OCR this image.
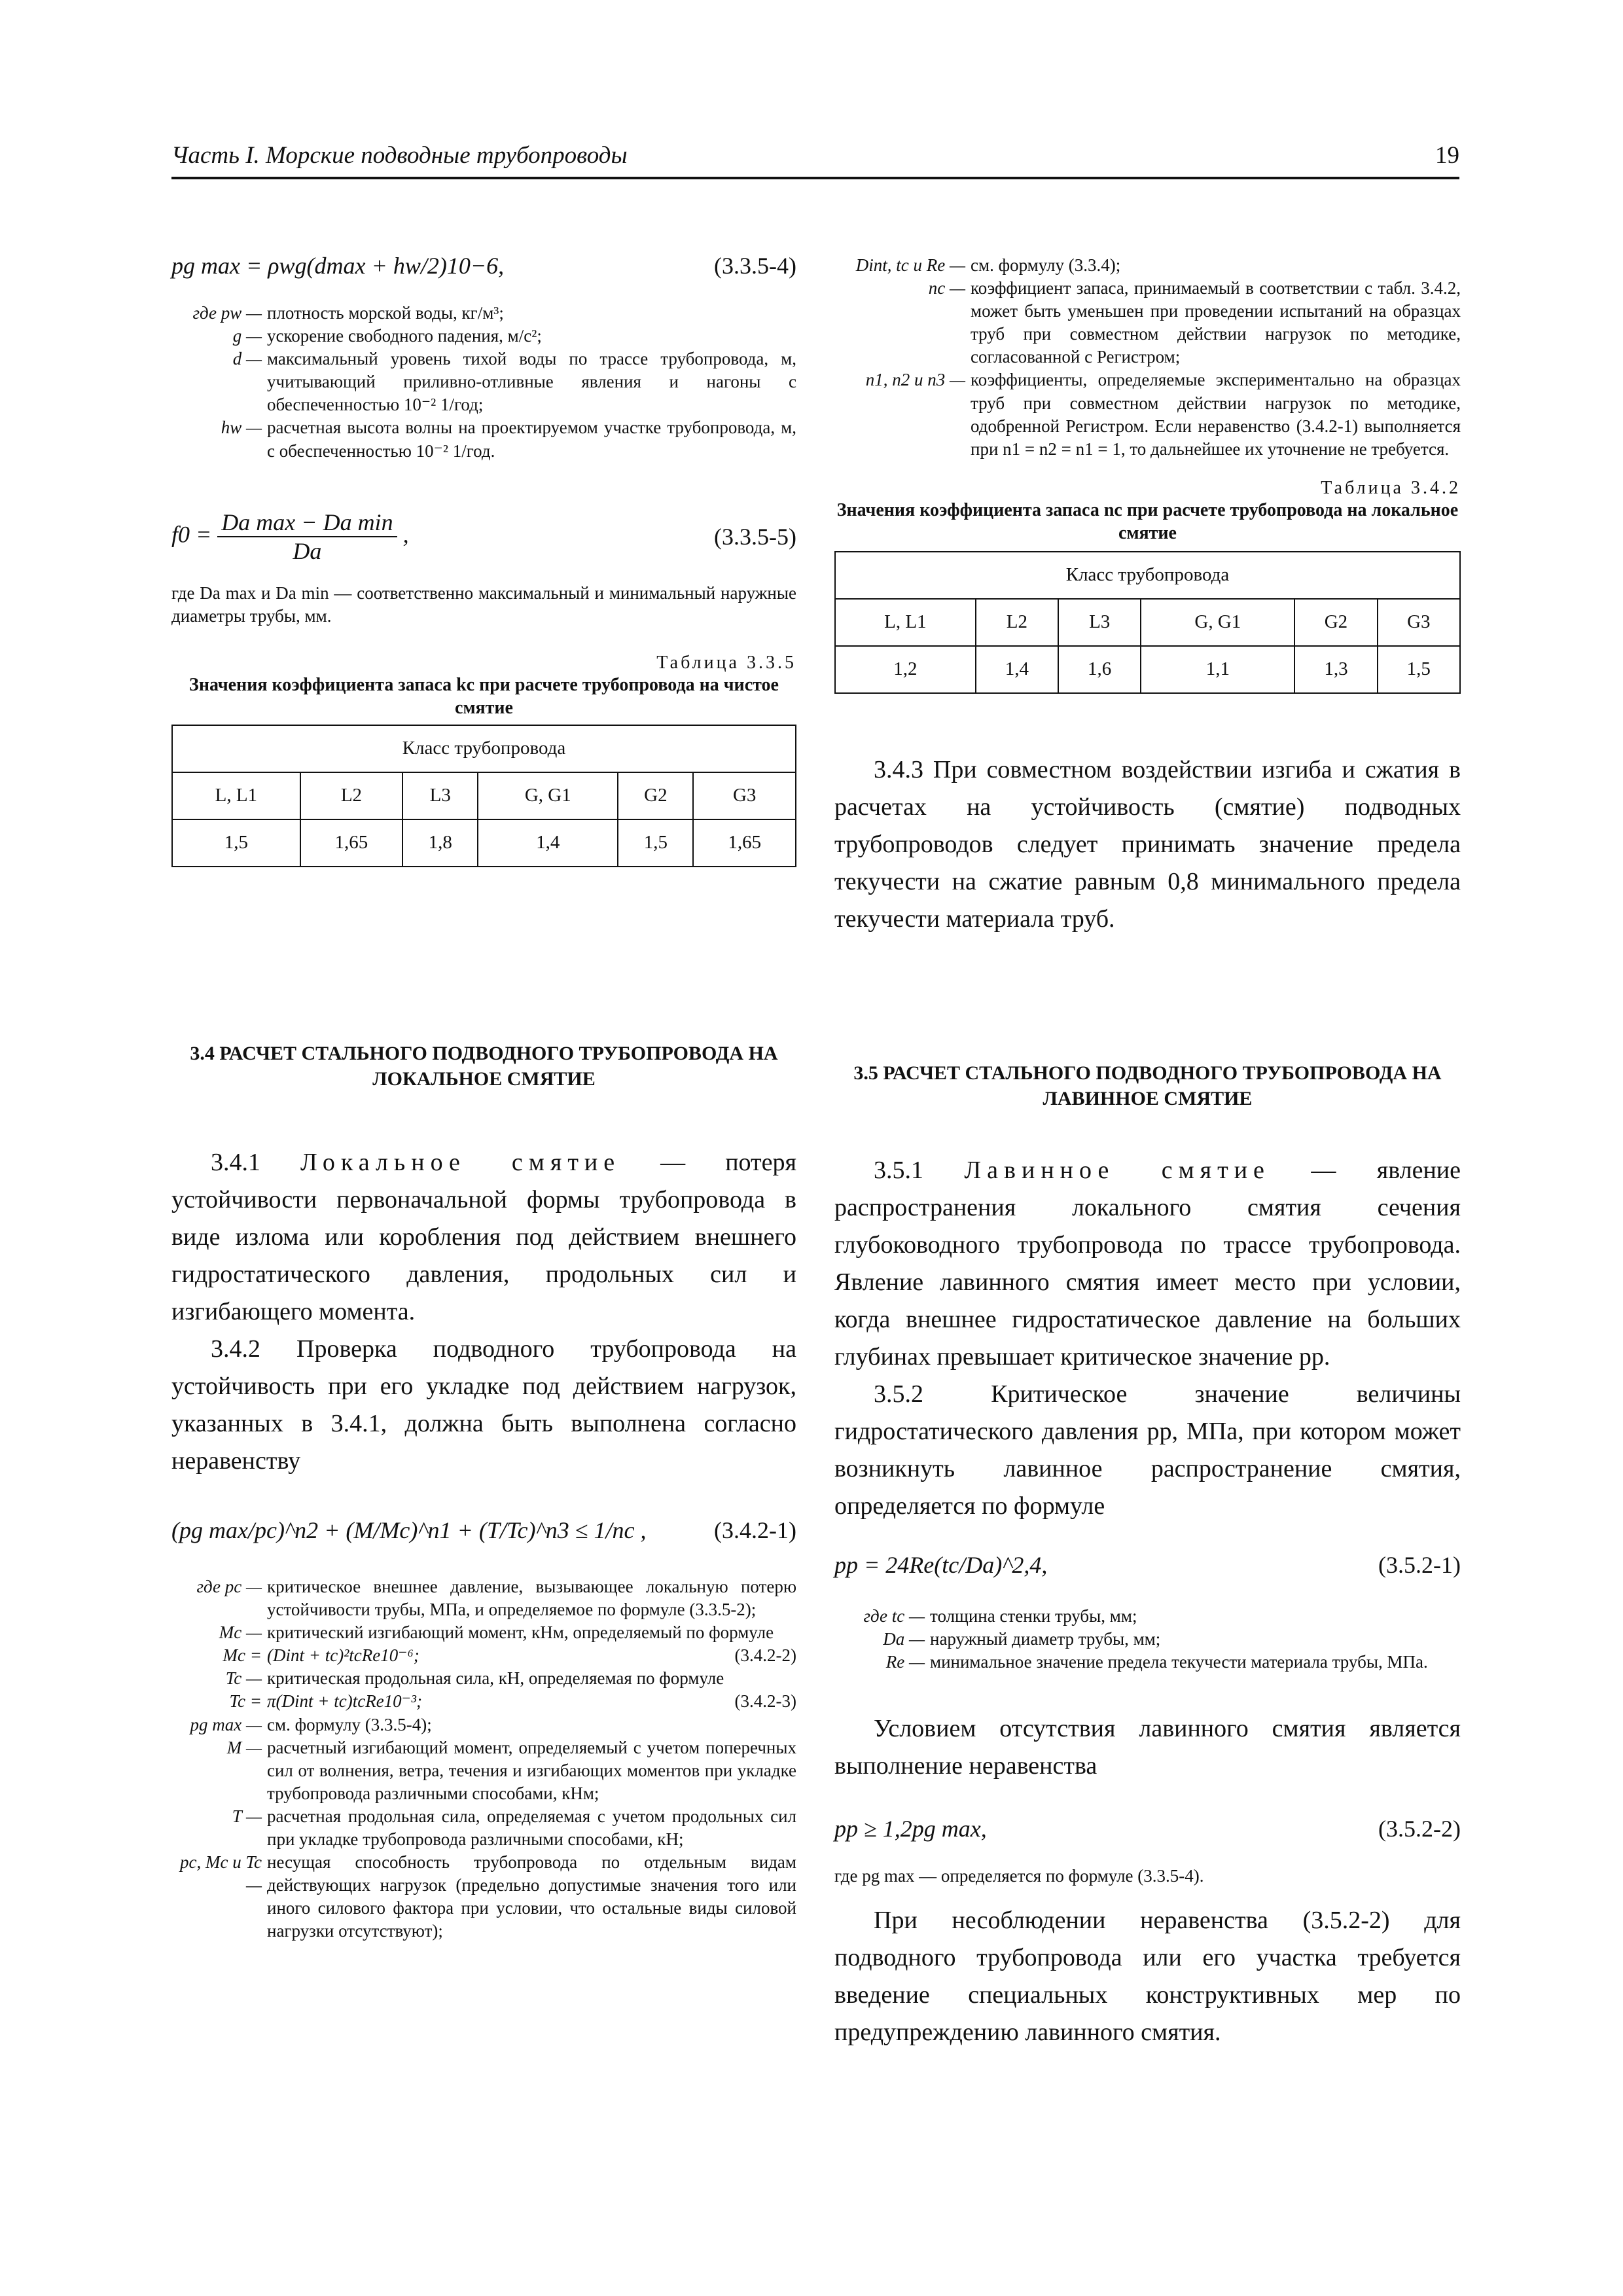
Часть I. Морские подводные трубопроводы	19
pg max = ρwg(dmax + hw/2)10−6,	(3.3.5-4)
где pw — плотность морской воды, кг/м³;
g — ускорение свободного падения, м/с²;
d — максимальный уровень тихой воды по трассе трубопровода, м, учитывающий приливно-отливные явления и нагоны с обеспеченностью 10⁻² 1/год;
hw — расчетная высота волны на проектируемом участке трубопровода, м, с обеспеченностью 10⁻² 1/год.
$f0 = \frac{\text{Da max − Da min}}{Da}$ ,	(3.3.5-5)
где Da max и Da min — соответственно максимальный и минимальный наружные диаметры трубы, мм.
Таблица 3.3.5
Значения коэффициента запаса kc при расчете трубопровода на чистое смятие
Класс трубопровода					
L, L1	L2	L3	G, G1	G2	G3
1,5	1,65	1,8	1,4	1,5	1,65
3.4 РАСЧЕТ СТАЛЬНОГО ПОДВОДНОГО ТРУБОПРОВОДА НА ЛОКАЛЬНОЕ СМЯТИЕ
3.4.1 Локальное смятие — потеря устойчивости первоначальной формы трубопровода в виде излома или коробления под действием внешнего гидростатического давления, продольных сил и изгибающего момента.
3.4.2 Проверка подводного трубопровода на устойчивость при его укладке под действием нагрузок, указанных в 3.4.1, должна быть выполнена согласно неравенству
(pg max/pc)^n2 + (M/Mc)^n1 + (T/Tc)^n3 ≤ 1/nc ,	(3.4.2-1)
где pc — критическое внешнее давление, вызывающее локальную потерю устойчивости трубы, МПа, и определяемое по формуле (3.3.5-2);
Mc — критический изгибающий момент, кНм, определяемый по формуле
Mc = (Dint + tc)²tcRe10⁻⁶;	(3.4.2-2)
Tc — критическая продольная сила, кН, определяемая по формуле
Tc = π(Dint + tc)tcRe10⁻³;	(3.4.2-3)
pg max — см. формулу (3.3.5-4);
M — расчетный изгибающий момент, определяемый с учетом поперечных сил от волнения, ветра, течения и изгибающих моментов при укладке трубопровода различными способами, кНм;
T — расчетная продольная сила, определяемая с учетом продольных сил при укладке трубопровода различными способами, кН;
pc, Mc и Tc —
несущая способность трубопровода по отдельным видам действующих нагрузок (предельно допустимые значения того или иного силового фактора при условии, что остальные виды силовой нагрузки отсутствуют);
Dint, tc и Re — см. формулу (3.3.4);
nc — коэффициент запаса, принимаемый в соответствии с табл. 3.4.2, может быть уменьшен при проведении испытаний на образцах труб при совместном действии нагрузок по методике, согласованной с Регистром;
n1, n2 и n3 — коэффициенты, определяемые экспериментально на образцах труб при совместном действии нагрузок по методике, одобренной Регистром. Если неравенство (3.4.2-1) выполняется при n1 = n2 = n1 = 1, то дальнейшее их уточнение не требуется.
Таблица 3.4.2
Значения коэффициента запаса nc при расчете трубопровода на локальное смятие
Класс трубопровода					
L, L1	L2	L3	G, G1	G2	G3
1,2	1,4	1,6	1,1	1,3	1,5
3.4.3 При совместном воздействии изгиба и сжатия в расчетах на устойчивость (смятие) подводных трубопроводов следует принимать значение предела текучести на сжатие равным 0,8 минимального предела текучести материала труб.
3.5 РАСЧЕТ СТАЛЬНОГО ПОДВОДНОГО ТРУБОПРОВОДА НА ЛАВИННОЕ СМЯТИЕ
3.5.1 Лавинное смятие — явление распространения локального смятия сечения глубоководного трубопровода по трассе трубопровода. Явление лавинного смятия имеет место при условии, когда внешнее гидростатическое давление на больших глубинах превышает критическое значение pp.
3.5.2 Критическое значение величины гидростатического давления pp, МПа, при котором может возникнуть лавинное распространение смятия, определяется по формуле
pp = 24Re(tc/Da)^2,4,	(3.5.2-1)
где tc — толщина стенки трубы, мм;
Da — наружный диаметр трубы, мм;
Re — минимальное значение предела текучести материала трубы, МПа.
Условием отсутствия лавинного смятия является выполнение неравенства
pp ≥ 1,2pg max,	(3.5.2-2)
где pg max — определяется по формуле (3.3.5-4).
При несоблюдении неравенства (3.5.2-2) для подводного трубопровода или его участка требуется введение специальных конструктивных мер по предупреждению лавинного смятия.
